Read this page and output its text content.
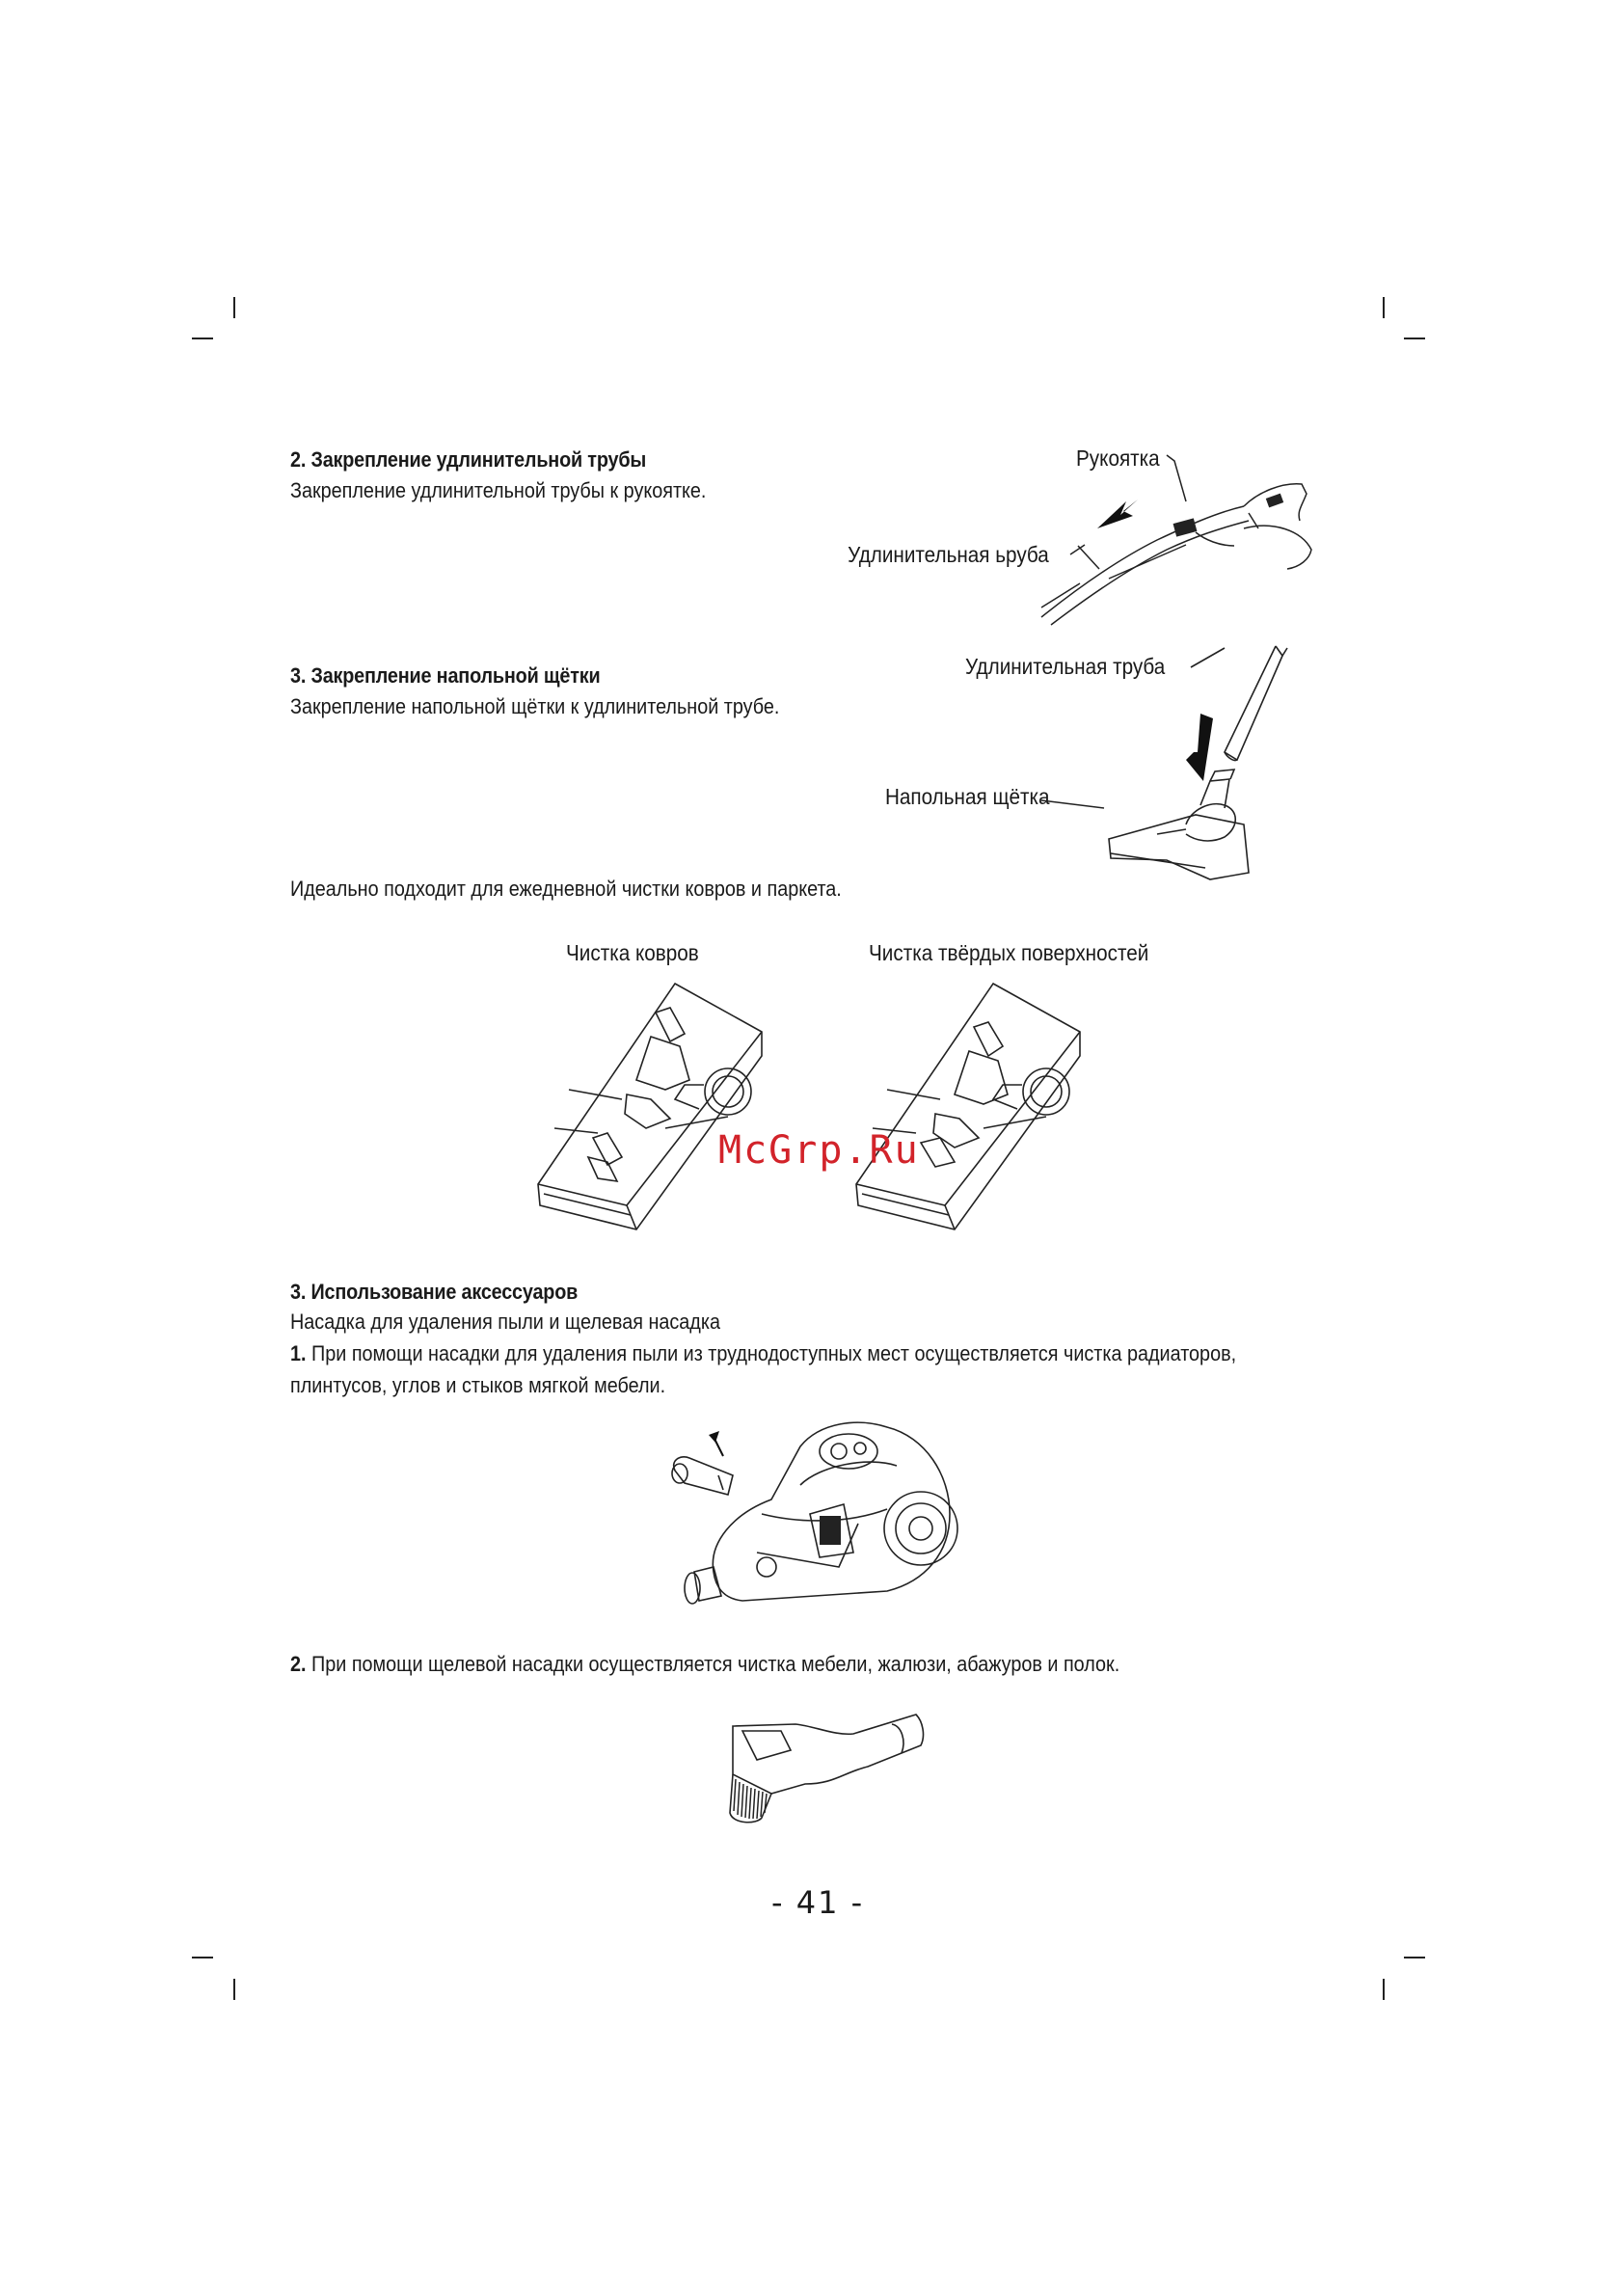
2. Закрепление удлинительной трубы
Закрепление удлинительной трубы к рукоятке.
Рукоятка
Удлинительная ьруба
3. Закрепление напольной щётки
Закрепление напольной щётки к удлинительной трубе.
Удлинительная труба
Напольная щётка
Идеально подходит для ежедневной чистки ковров и паркета.
Чистка ковров	Чистка твёрдых поверхностей
McGrp.Ru
3. Использование аксессуаров
Насадка для удаления пыли и щелевая насадка
1. При помощи насадки для удаления пыли из труднодоступных мест осуществляется чистка радиаторов,
плинтусов, углов и стыков мягкой мебели.
2. При помощи щелевой насадки осуществляется чистка мебели, жалюзи, абажуров и полок.
- 41 -
